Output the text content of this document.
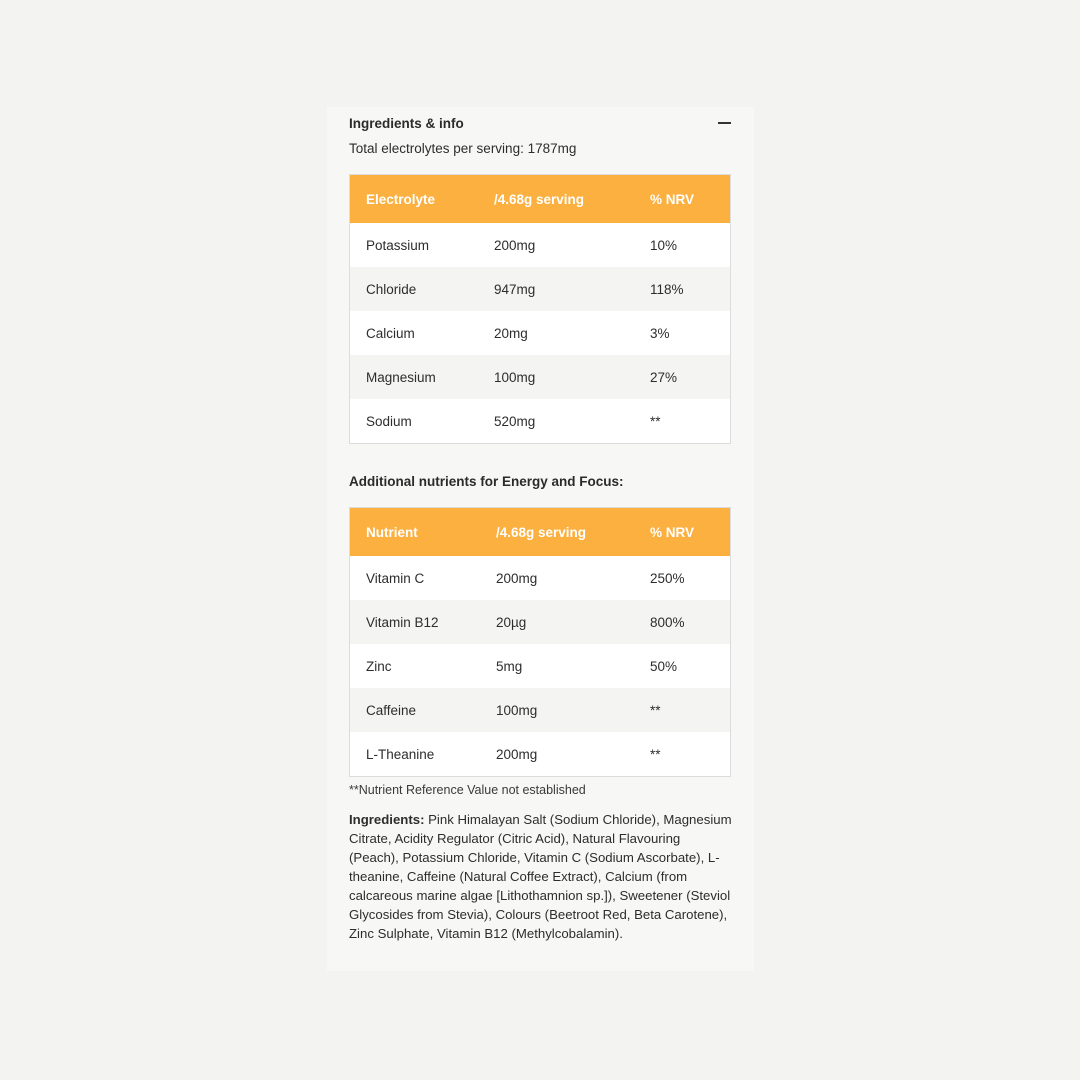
Ingredients & info
Total electrolytes per serving: 1787mg
Electrolyte	/4.68g serving	% NRV
Potassium	200mg	10%
Chloride	947mg	118%
Calcium	20mg	3%
Magnesium	100mg	27%
Sodium	520mg	**
Additional nutrients for Energy and Focus:
Nutrient	/4.68g serving	% NRV
Vitamin C	200mg	250%
Vitamin B12	20µg	800%
Zinc	5mg	50%
Caffeine	100mg	**
L-Theanine	200mg	**
**Nutrient Reference Value not established
Ingredients: Pink Himalayan Salt (Sodium Chloride), Magnesium Citrate, Acidity Regulator (Citric Acid), Natural Flavouring (Peach), Potassium Chloride, Vitamin C (Sodium Ascorbate), L-theanine, Caffeine (Natural Coffee Extract), Calcium (from calcareous marine algae [Lithothamnion sp.]), Sweetener (Steviol Glycosides from Stevia), Colours (Beetroot Red, Beta Carotene), Zinc Sulphate, Vitamin B12 (Methylcobalamin).
